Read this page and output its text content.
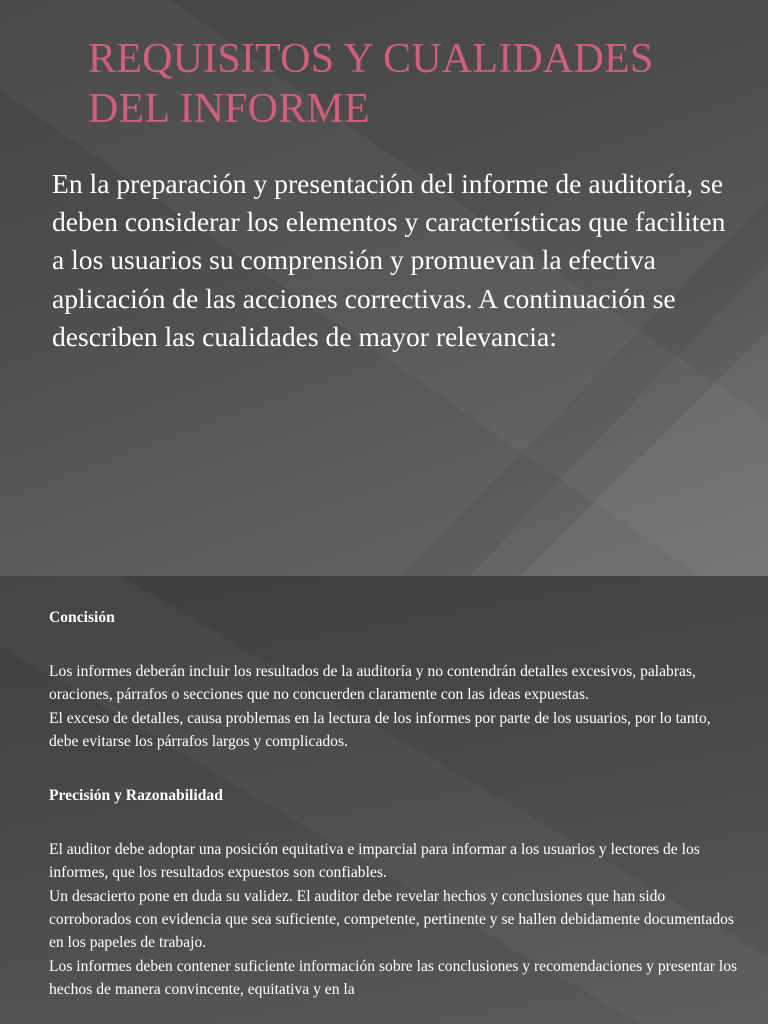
REQUISITOS Y CUALIDADES DEL INFORME

En la preparación y presentación del informe de auditoría, se deben considerar los elementos y características que faciliten a los usuarios su comprensión y promuevan la efectiva aplicación de las acciones correctivas. A continuación se describen las cualidades de mayor relevancia:

Concisión

Los informes deberán incluir los resultados de la auditoría y no contendrán detalles excesivos, palabras, oraciones, párrafos o secciones que no concuerden claramente con las ideas expuestas.

El exceso de detalles, causa problemas en la lectura de los informes por parte de los usuarios, por lo tanto, debe evitarse los párrafos largos y complicados.

Precisión y Razonabilidad

El auditor debe adoptar una posición equitativa e imparcial para informar a los usuarios y lectores de los informes, que los resultados expuestos son confiables.

Un desacierto pone en duda su validez. El auditor debe revelar hechos y conclusiones que han sido corroborados con evidencia que sea suficiente, competente, pertinente y se hallen debidamente documentados en los papeles de trabajo.

Los informes deben contener suficiente información sobre las conclusiones y recomendaciones y presentar los hechos de manera convincente, equitativa y en la
